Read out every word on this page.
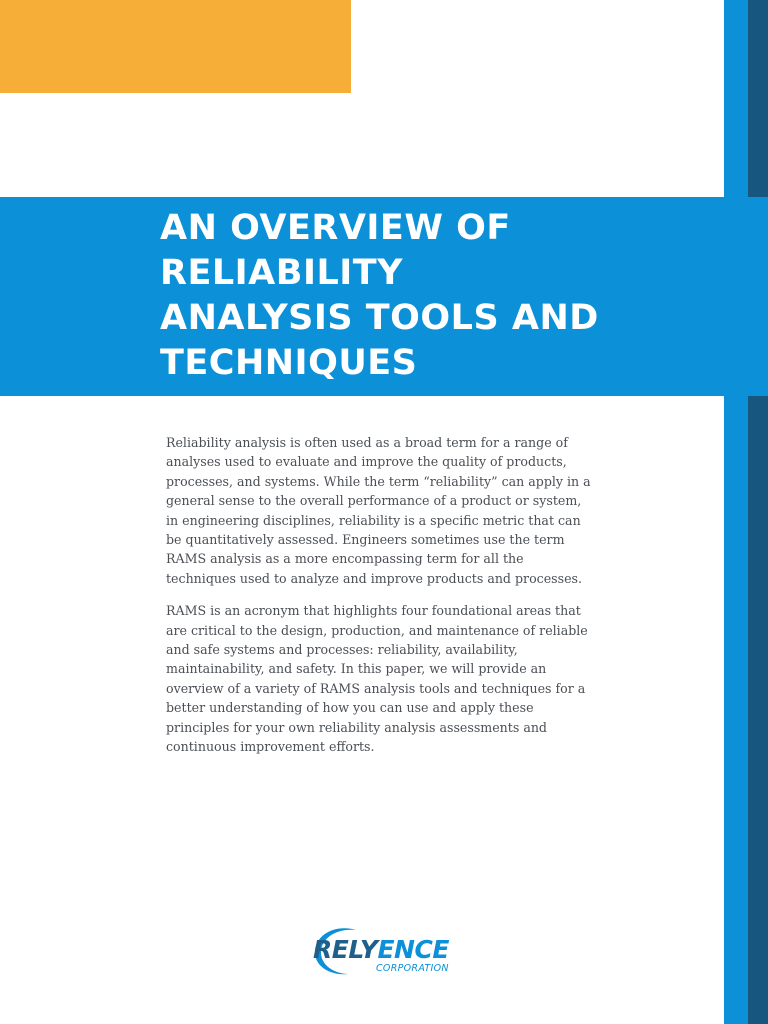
AN OVERVIEW OF RELIABILITY ANALYSIS TOOLS AND TECHNIQUES

Reliability analysis is often used as a broad term for a range of analyses used to evaluate and improve the quality of products, processes, and systems. While the term “reliability” can apply in a general sense to the overall performance of a product or system, in engineering disciplines, reliability is a specific metric that can be quantitatively assessed. Engineers sometimes use the term RAMS analysis as a more encompassing term for all the techniques used to analyze and improve products and processes.

RAMS is an acronym that highlights four foundational areas that are critical to the design, production, and maintenance of reliable and safe systems and processes: reliability, availability, maintainability, and safety. In this paper, we will provide an overview of a variety of RAMS analysis tools and techniques for a better understanding of how you can use and apply these principles for your own reliability analysis assessments and continuous improvement efforts.

RELYENCE
CORPORATION
